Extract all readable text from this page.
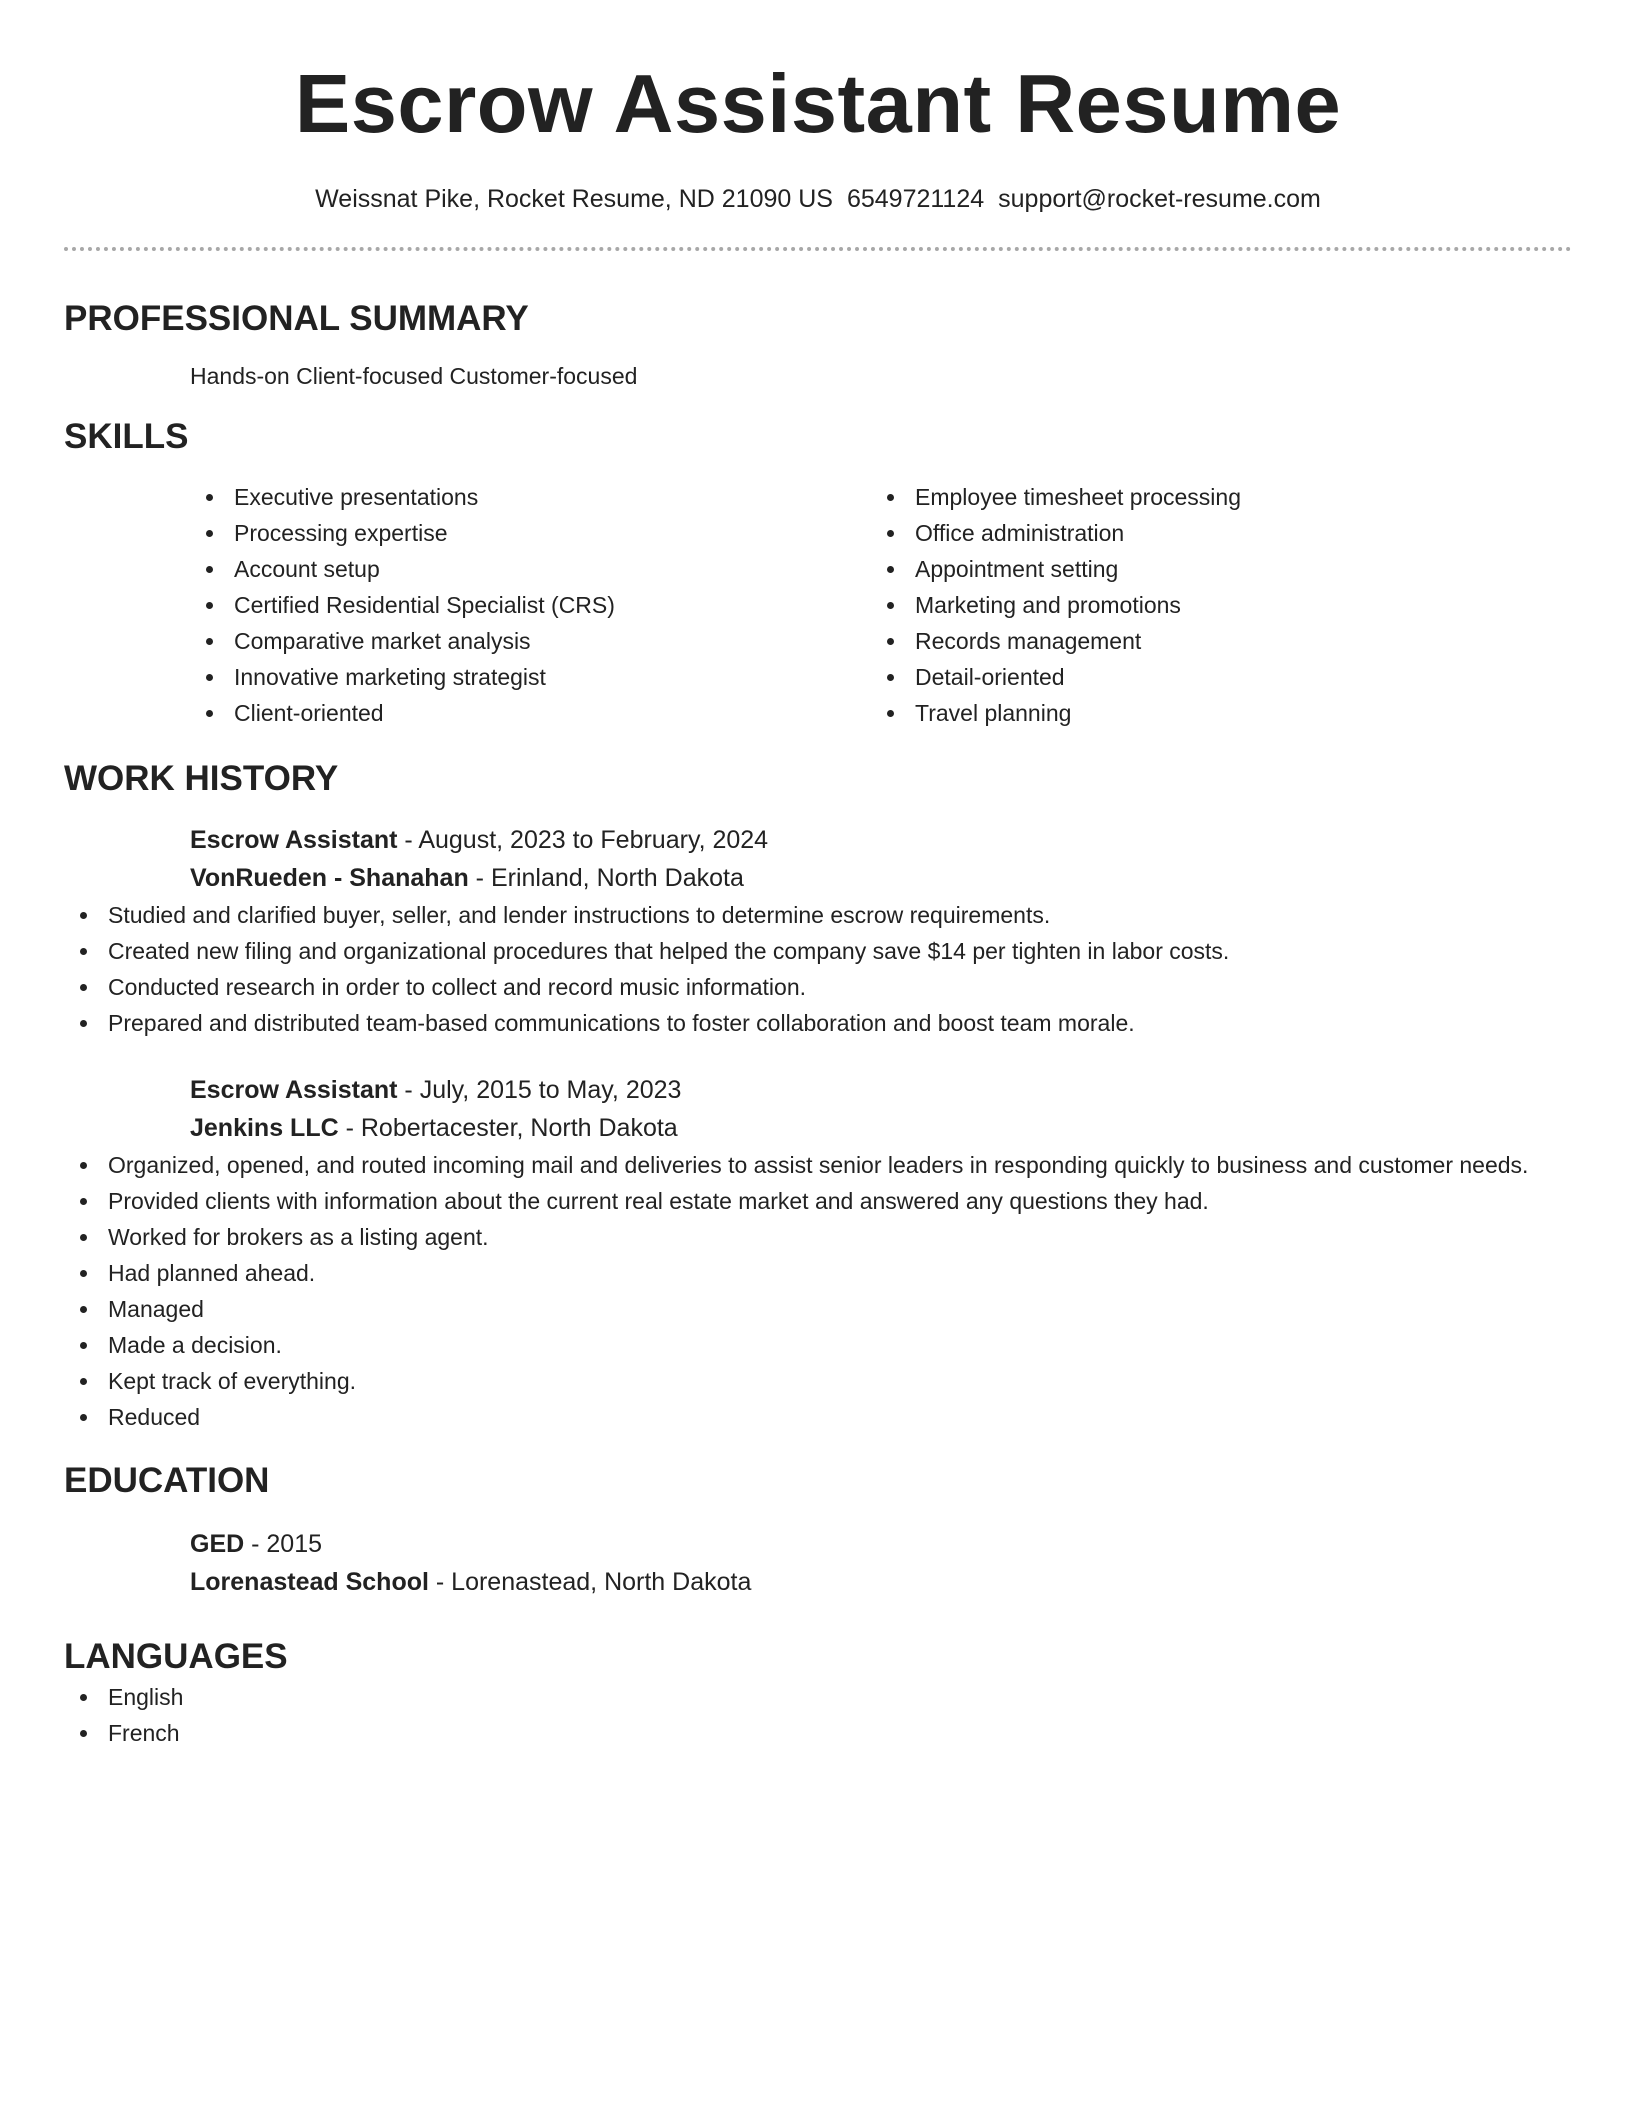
Escrow Assistant Resume
Weissnat Pike, Rocket Resume, ND 21090 US 6549721124 support@rocket-resume.com
PROFESSIONAL SUMMARY
Hands-on Client-focused Customer-focused
SKILLS
Executive presentations
Processing expertise
Account setup
Certified Residential Specialist (CRS)
Comparative market analysis
Innovative marketing strategist
Client-oriented
Employee timesheet processing
Office administration
Appointment setting
Marketing and promotions
Records management
Detail-oriented
Travel planning
WORK HISTORY
Escrow Assistant - August, 2023 to February, 2024
VonRueden - Shanahan - Erinland, North Dakota
Studied and clarified buyer, seller, and lender instructions to determine escrow requirements.
Created new filing and organizational procedures that helped the company save $14 per tighten in labor costs.
Conducted research in order to collect and record music information.
Prepared and distributed team-based communications to foster collaboration and boost team morale.
Escrow Assistant - July, 2015 to May, 2023
Jenkins LLC - Robertacester, North Dakota
Organized, opened, and routed incoming mail and deliveries to assist senior leaders in responding quickly to business and customer needs.
Provided clients with information about the current real estate market and answered any questions they had.
Worked for brokers as a listing agent.
Had planned ahead.
Managed
Made a decision.
Kept track of everything.
Reduced
EDUCATION
GED - 2015
Lorenastead School - Lorenastead, North Dakota
LANGUAGES
English
French
